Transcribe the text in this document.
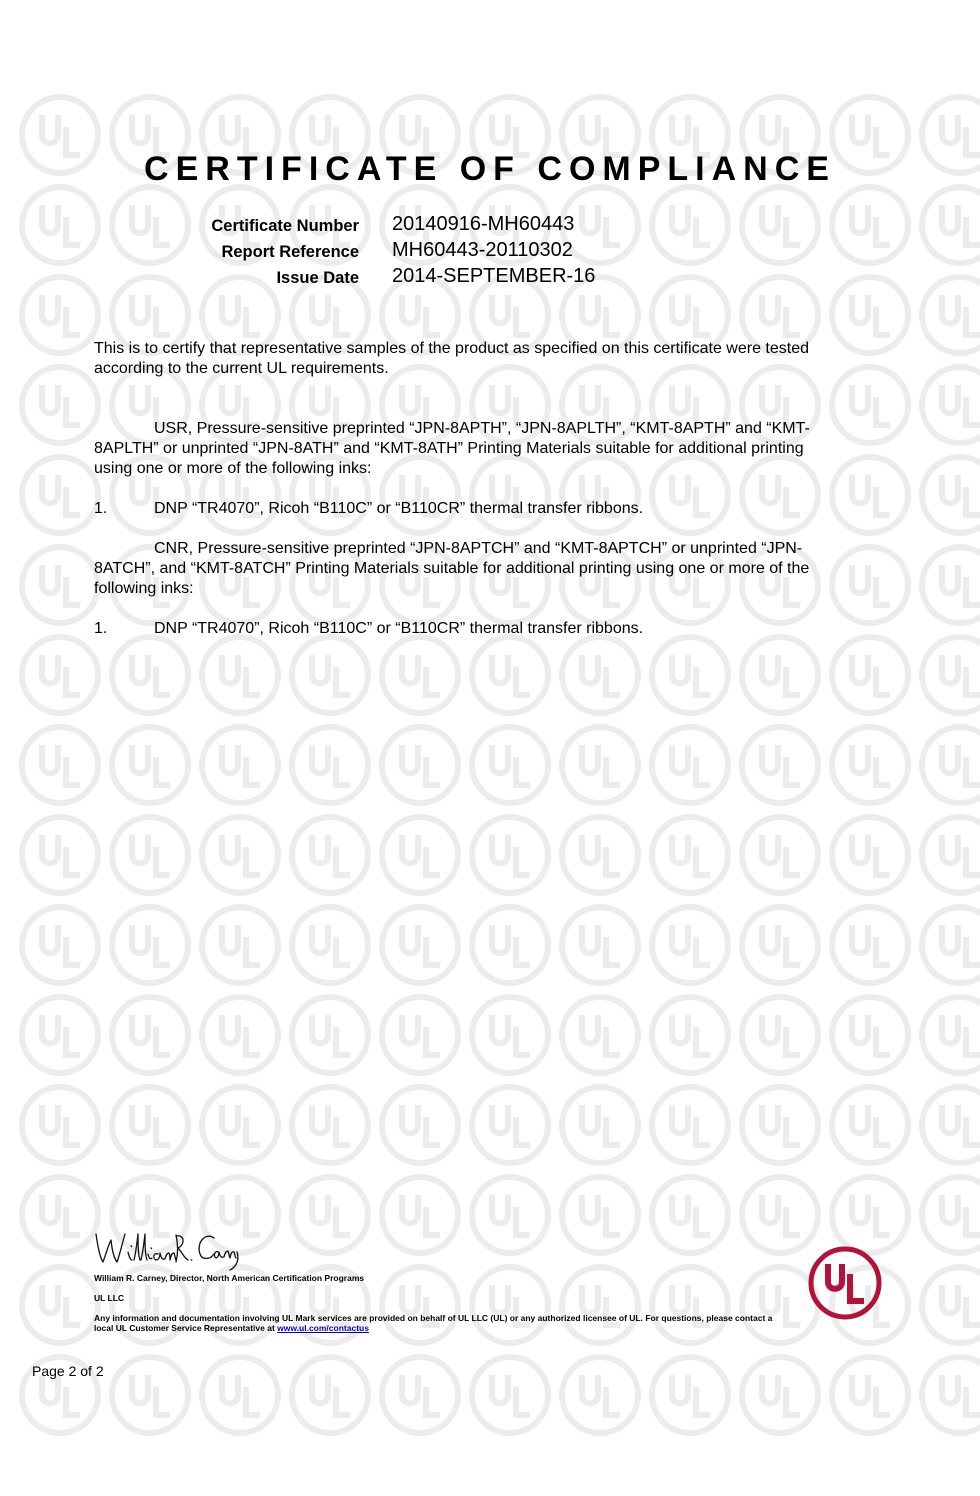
CERTIFICATE OF COMPLIANCE
Certificate Number 20140916-MH60443
Report Reference MH60443-20110302
Issue Date 2014-SEPTEMBER-16
This is to certify that representative samples of the product as specified on this certificate were tested
according to the current UL requirements.
USR, Pressure-sensitive preprinted “JPN-8APTH”, “JPN-8APLTH”, “KMT-8APTH” and “KMT-
8APLTH” or unprinted “JPN-8ATH” and “KMT-8ATH” Printing Materials suitable for additional printing
using one or more of the following inks:
1.	DNP “TR4070”, Ricoh “B110C” or “B110CR” thermal transfer ribbons.
CNR, Pressure-sensitive preprinted “JPN-8APTCH” and “KMT-8APTCH” or unprinted “JPN-
8ATCH”, and “KMT-8ATCH” Printing Materials suitable for additional printing using one or more of the
following inks:
1.	DNP “TR4070”, Ricoh “B110C” or “B110CR” thermal transfer ribbons.
William R. Carney, Director, North American Certification Programs
UL LLC
Any information and documentation involving UL Mark services are provided on behalf of UL LLC (UL) or any authorized licensee of UL. For questions, please contact a local UL Customer Service Representative at www.ul.com/contactus
Page 2 of 2
